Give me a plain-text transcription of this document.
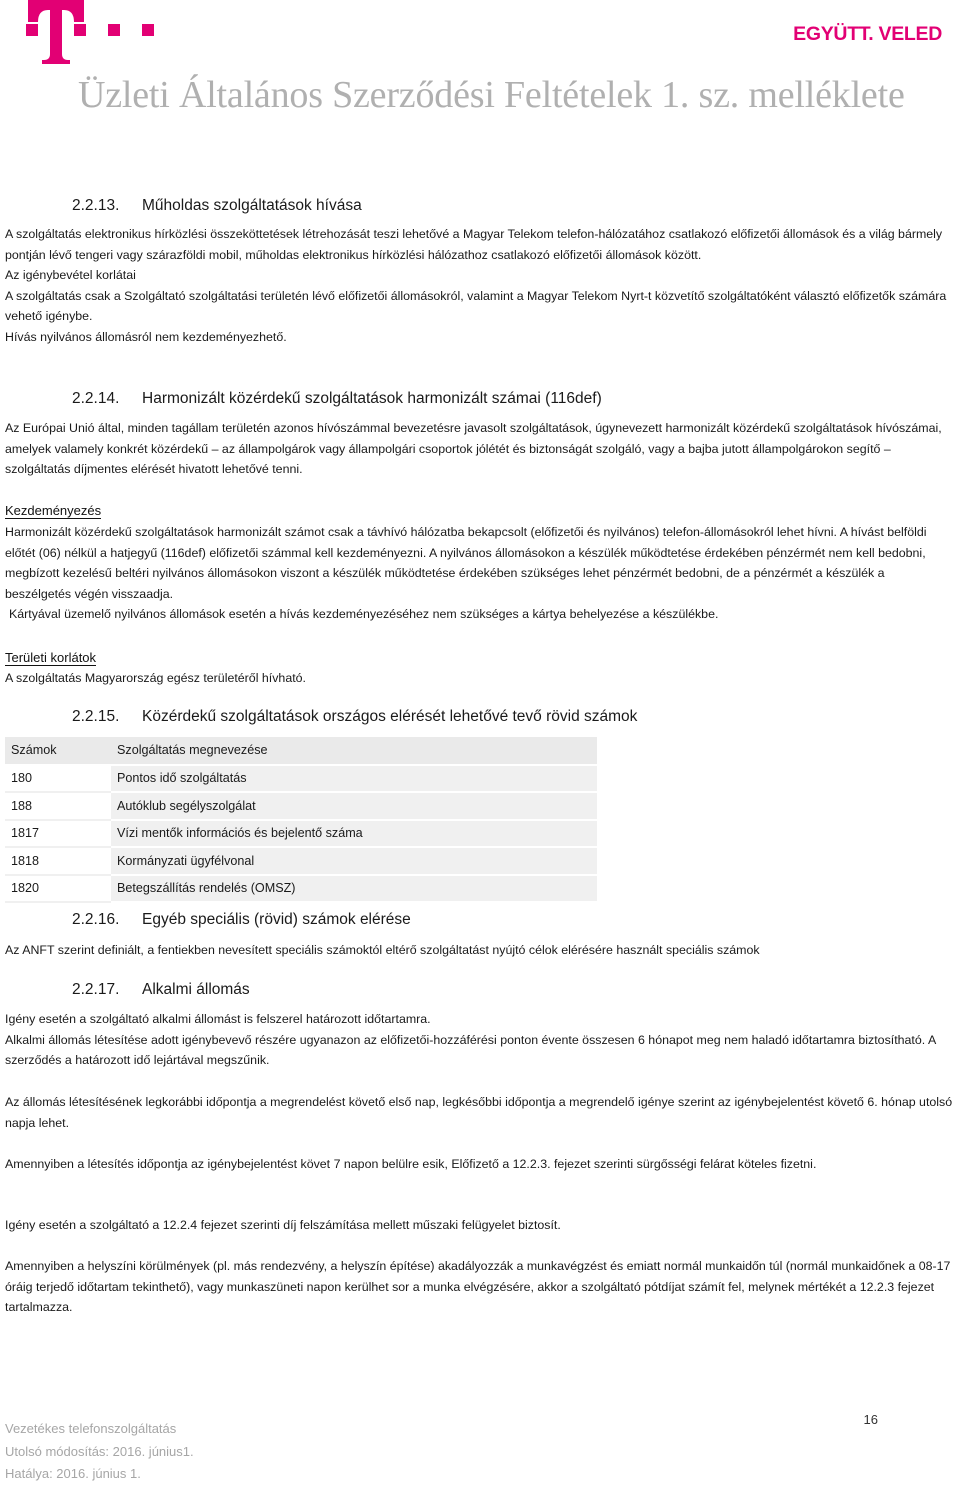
EGYÜTT. VELED
Üzleti Általános Szerződési Feltételek 1. sz. melléklete
2.2.13. Műholdas szolgáltatások hívása

A szolgáltatás elektronikus hírközlési összeköttetések létrehozását teszi lehetővé a Magyar Telekom telefon-hálózatához csatlakozó előfizetői állomások és a világ bármely pontján lévő tengeri vagy szárazföldi mobil, műholdas elektronikus hírközlési hálózathoz csatlakozó előfizetői állomások között.

Az igénybevétel korlátai

A szolgáltatás csak a Szolgáltató szolgáltatási területén lévő előfizetői állomásokról, valamint a Magyar Telekom Nyrt-t közvetítő szolgáltatóként választó előfizetők számára vehető igénybe.

Hívás nyilvános állomásról nem kezdeményezhető.

2.2.14. Harmonizált közérdekű szolgáltatások harmonizált számai (116def)

Az Európai Unió által, minden tagállam területén azonos hívószámmal bevezetésre javasolt szolgáltatások, úgynevezett harmonizált közérdekű szolgáltatások hívószámai, amelyek valamely konkrét közérdekű – az állampolgárok vagy állampolgári csoportok jólétét és biztonságát szolgáló, vagy a bajba jutott állampolgárokon segítő – szolgáltatás díjmentes elérését hivatott lehetővé tenni.

Kezdeményezés

Harmonizált közérdekű szolgáltatások harmonizált számot csak a távhívó hálózatba bekapcsolt (előfizetői és nyilvános) telefon-állomásokról lehet hívni. A hívást belföldi előtét (06) nélkül a hatjegyű (116def) előfizetői számmal kell kezdeményezni. A nyilvános állomásokon a készülék működtetése érdekében pénzérmét nem kell bedobni, megbízott kezelésű beltéri nyilvános állomásokon viszont a készülék működtetése érdekében szükséges lehet pénzérmét bedobni, de a pénzérmét a készülék a beszélgetés végén visszaadja.

Kártyával üzemelő nyilvános állomások esetén a hívás kezdeményezéséhez nem szükséges a kártya behelyezése a készülékbe.

Területi korlátok

A szolgáltatás Magyarország egész területéről hívható.

2.2.15. Közérdekű szolgáltatások országos elérését lehetővé tevő rövid számok
Számok	Szolgáltatás megnevezése
180	Pontos idő szolgáltatás
188	Autóklub segélyszolgálat
1817	Vízi mentők információs és bejelentő száma
1818	Kormányzati ügyfélvonal
1820	Betegszállítás rendelés (OMSZ)
2.2.16. Egyéb speciális (rövid) számok elérése

Az ANFT szerint definiált, a fentiekben nevesített speciális számoktól eltérő szolgáltatást nyújtó célok elérésére használt speciális számok

2.2.17. Alkalmi állomás

Igény esetén a szolgáltató alkalmi állomást is felszerel határozott időtartamra.

Alkalmi állomás létesítése adott igénybevevő részére ugyanazon az előfizetői-hozzáférési ponton évente összesen 6 hónapot meg nem haladó időtartamra biztosítható. A szerződés a határozott idő lejártával megszűnik.

Az állomás létesítésének legkorábbi időpontja a megrendelést követő első nap, legkésőbbi időpontja a megrendelő igénye szerint az igénybejelentést követő 6. hónap utolsó napja lehet.

Amennyiben a létesítés időpontja az igénybejelentést követ 7 napon belülre esik, Előfizető a 12.2.3. fejezet szerinti sürgősségi felárat köteles fizetni.

Igény esetén a szolgáltató a 12.2.4 fejezet szerinti díj felszámítása mellett műszaki felügyelet biztosít.

Amennyiben a helyszíni körülmények (pl. más rendezvény, a helyszín építése) akadályozzák a munkavégzést és emiatt normál munkaidőn túl (normál munkaidőnek a 08-17 óráig terjedő időtartam tekinthető), vagy munkaszüneti napon kerülhet sor a munka elvégzésére, akkor a szolgáltató pótdíjat számít fel, melynek mértékét a 12.2.3 fejezet tartalmazza.

16
Vezetékes telefonszolgáltatás
Utolsó módosítás: 2016. június1.
Hatálya: 2016. június 1.
